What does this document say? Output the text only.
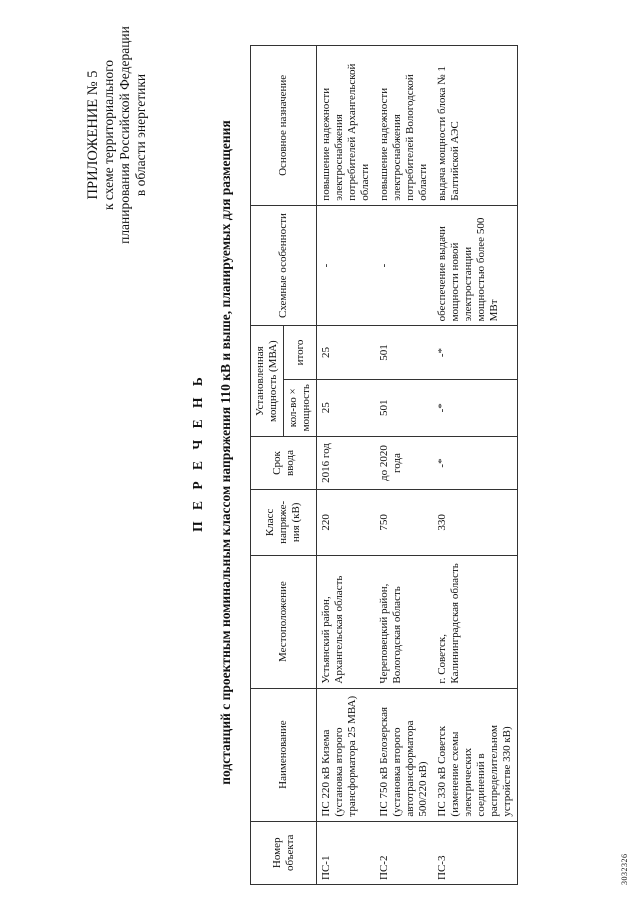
ПРИЛОЖЕНИЕ № 5 к схеме территориального планирования Российской Федерации в области энергетики
П Е Р Е Ч Е Н Ь подстанций с проектным номинальным классом напряжения 110 кВ и выше, планируемых для размещения
Номер объекта	Наименование	Местоположение	Класс напряже-ния (кВ)	Срок ввода	Установленная мощность (МВА)		Схемные особенности	Основное назначение
					кол-во × мощность	итого		
ПС-1	ПС 220 кВ Кизема (установка второго трансформатора 25 МВА)	Устьянский район, Архангельская область	220	2016 год	25	25	-	повышение надежности электроснабжения потребителей Архангельской области
ПС-2	ПС 750 кВ Белозерская (установка второго автотрансформатора 500/220 кВ)	Череповецкий район, Вологодская область	750	до 2020 года	501	501	-	повышение надежности электроснабжения потребителей Вологодской области
ПС-3	ПС 330 кВ Советск (изменение схемы электрических соединений в распределительном устройстве 330 кВ)	г. Советск, Калининградская область	330	-*	-*	-*	обеспечение выдачи мощности новой электростанции мощностью более 500 МВт	выдача мощности блока № 1 Балтийской АЭС
3032326
